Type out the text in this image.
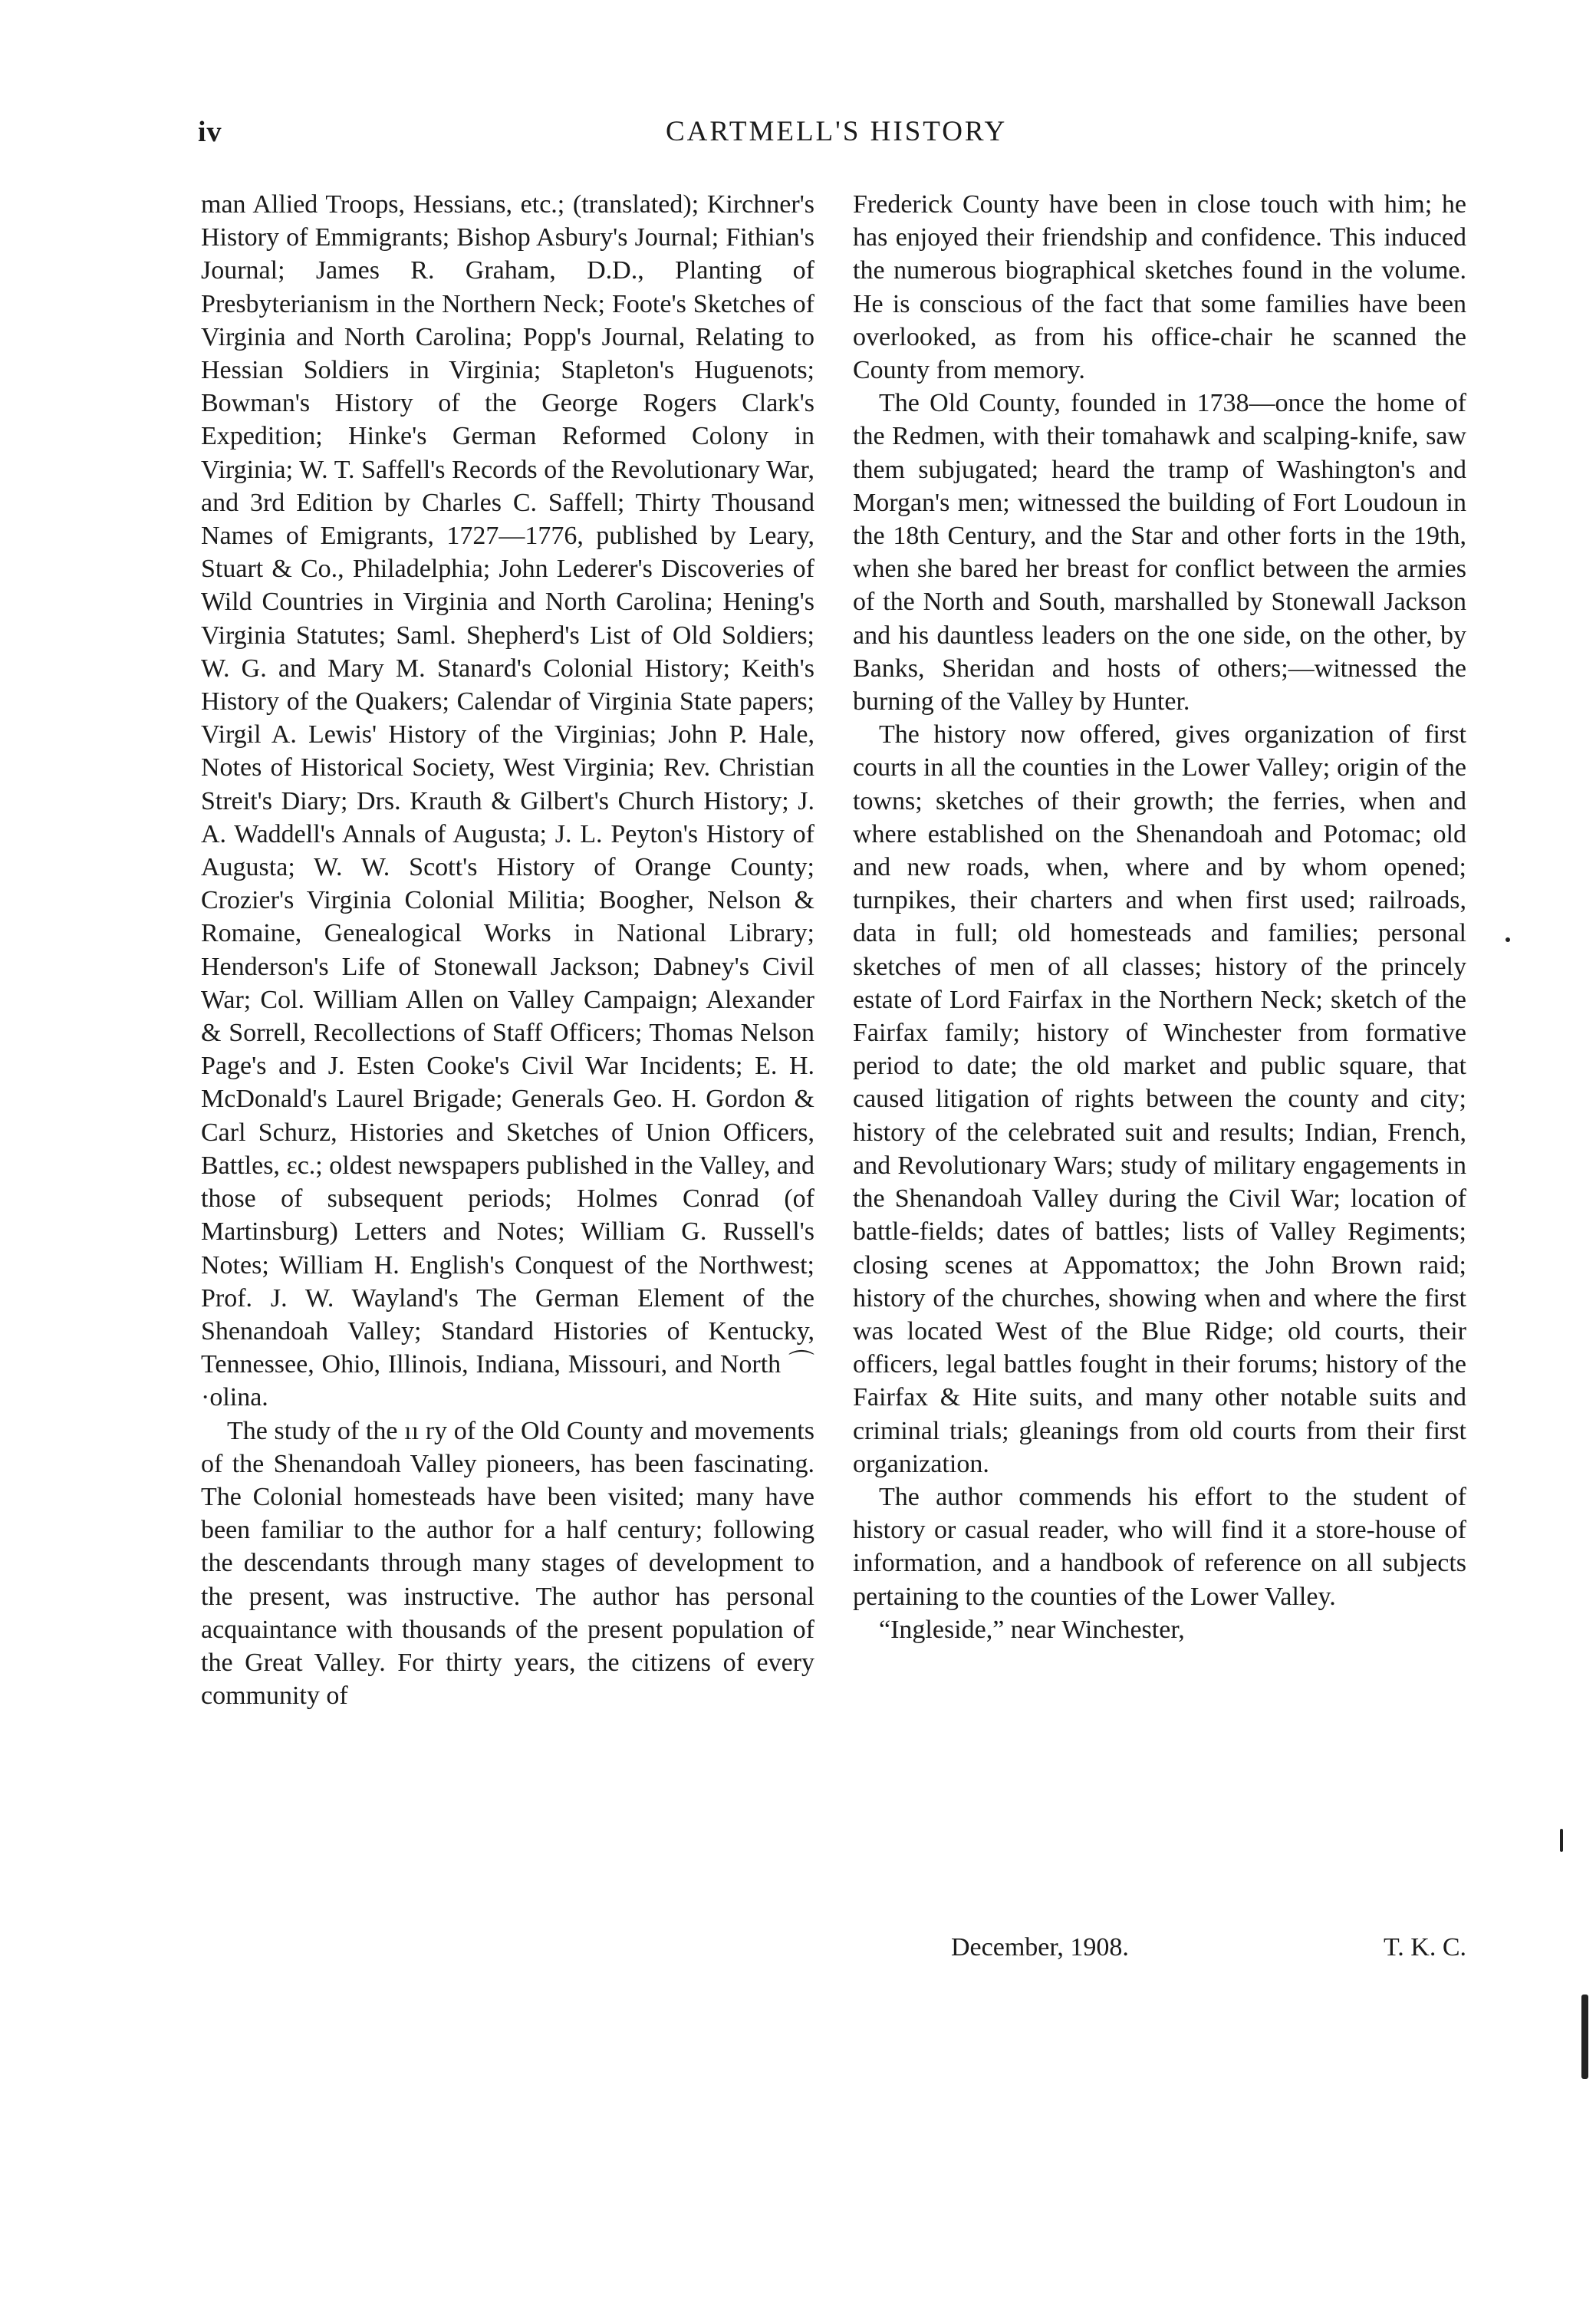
iv	CARTMELL'S HISTORY

man Allied Troops, Hessians, etc.; (translated); Kirchner's History of Emmigrants; Bishop Asbury's Journal; Fithian's Journal; James R. Graham, D.D., Planting of Presbyterianism in the Northern Neck; Foote's Sketches of Virginia and North Carolina; Popp's Journal, Relating to Hessian Soldiers in Virginia; Stapleton's Huguenots; Bowman's History of the George Rogers Clark's Expedition; Hinke's German Reformed Colony in Virginia; W. T. Saffell's Records of the Revolutionary War, and 3rd Edition by Charles C. Saffell; Thirty Thousand Names of Emigrants, 1727—1776, published by Leary, Stuart & Co., Philadelphia; John Lederer's Discoveries of Wild Countries in Virginia and North Carolina; Hening's Virginia Statutes; Saml. Shepherd's List of Old Soldiers; W. G. and Mary M. Stanard's Colonial History; Keith's History of the Quakers; Calendar of Virginia State papers; Virgil A. Lewis' History of the Virginias; John P. Hale, Notes of Historical Society, West Virginia; Rev. Christian Streit's Diary; Drs. Krauth & Gilbert's Church History; J. A. Waddell's Annals of Augusta; J. L. Peyton's History of Augusta; W. W. Scott's History of Orange County; Crozier's Virginia Colonial Militia; Boogher, Nelson & Romaine, Genealogical Works in National Library; Henderson's Life of Stonewall Jackson; Dabney's Civil War; Col. William Allen on Valley Campaign; Alexander & Sorrell, Recollections of Staff Officers; Thomas Nelson Page's and J. Esten Cooke's Civil War Incidents; E. H. McDonald's Laurel Brigade; Generals Geo. H. Gordon & Carl Schurz, Histories and Sketches of Union Officers, Battles, ɛc.; oldest newspapers published in the Valley, and those of subsequent periods; Holmes Conrad (of Martinsburg) Letters and Notes; William G. Russell's Notes; William H. English's Conquest of the Northwest; Prof. J. W. Wayland's The German Element of the Shenandoah Valley; Standard Histories of Kentucky, Tennessee, Ohio, Illinois, Indiana, Missouri, and North ⌒ ·olina.

The study of the ıı ry of the Old County and movements of the Shenandoah Valley pioneers, has been fascinating. The Colonial homesteads have been visited; many have been familiar to the author for a half century; following the descendants through many stages of development to the present, was instructive. The author has personal acquaintance with thousands of the present population of the Great Valley. For thirty years, the citizens of every community of

Frederick County have been in close touch with him; he has enjoyed their friendship and confidence. This induced the numerous biographical sketches found in the volume. He is conscious of the fact that some families have been overlooked, as from his office-chair he scanned the County from memory.

The Old County, founded in 1738—once the home of the Redmen, with their tomahawk and scalping-knife, saw them subjugated; heard the tramp of Washington's and Morgan's men; witnessed the building of Fort Loudoun in the 18th Century, and the Star and other forts in the 19th, when she bared her breast for conflict between the armies of the North and South, marshalled by Stonewall Jackson and his dauntless leaders on the one side, on the other, by Banks, Sheridan and hosts of others;—witnessed the burning of the Valley by Hunter.

The history now offered, gives organization of first courts in all the counties in the Lower Valley; origin of the towns; sketches of their growth; the ferries, when and where established on the Shenandoah and Potomac; old and new roads, when, where and by whom opened; turnpikes, their charters and when first used; railroads, data in full; old homesteads and families; personal sketches of men of all classes; history of the princely estate of Lord Fairfax in the Northern Neck; sketch of the Fairfax family; history of Winchester from formative period to date; the old market and public square, that caused litigation of rights between the county and city; history of the celebrated suit and results; Indian, French, and Revolutionary Wars; study of military engagements in the Shenandoah Valley during the Civil War; location of battle-fields; dates of battles; lists of Valley Regiments; closing scenes at Appomattox; the John Brown raid; history of the churches, showing when and where the first was located West of the Blue Ridge; old courts, their officers, legal battles fought in their forums; history of the Fairfax & Hite suits, and many other notable suits and criminal trials; gleanings from old courts from their first organization.

The author commends his effort to the student of history or casual reader, who will find it a store-house of information, and a handbook of reference on all subjects pertaining to the counties of the Lower Valley.

“Ingleside,” near Winchester,

December, 1908.	T. K. C.
